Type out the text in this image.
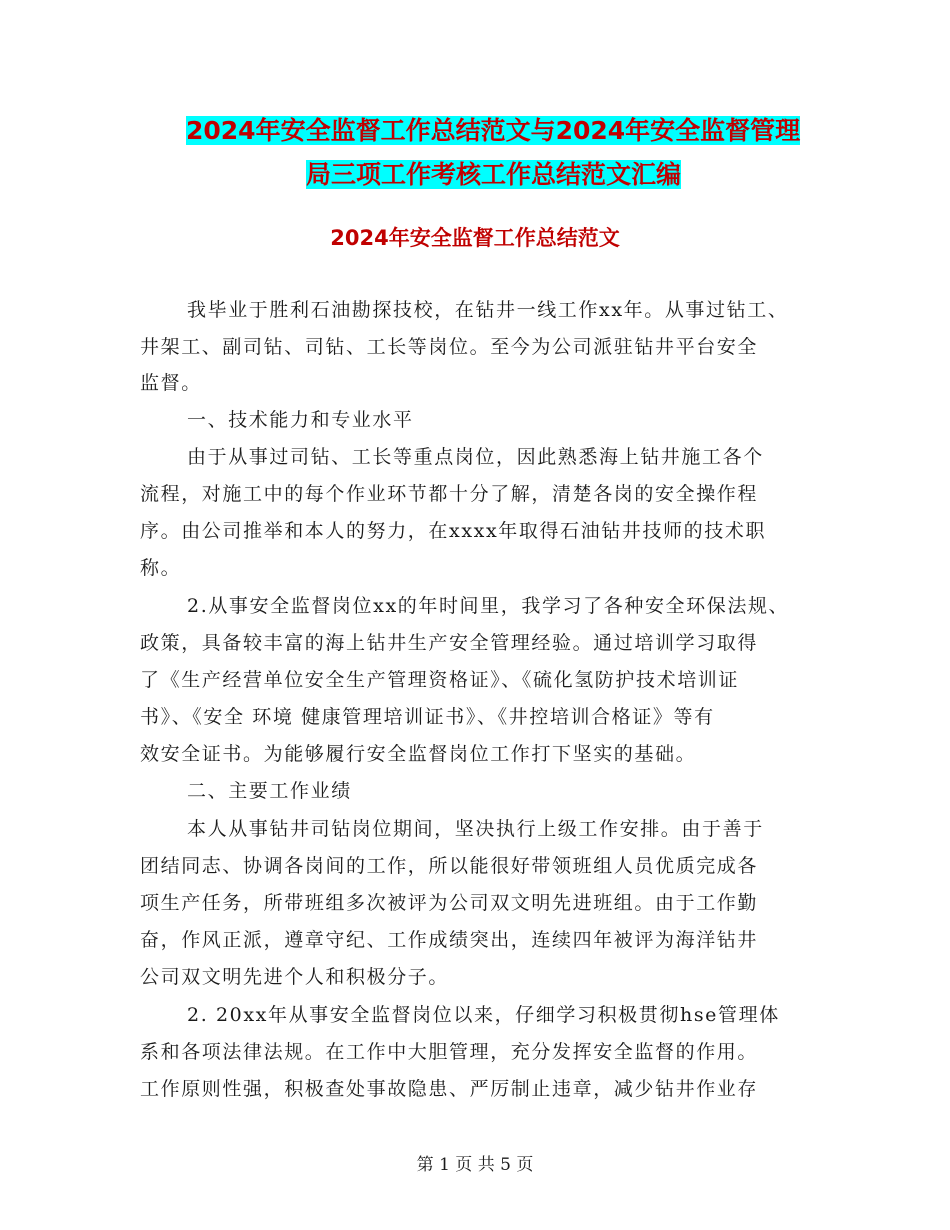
2024年安全监督工作总结范文与2024年安全监督管理
局三项工作考核工作总结范文汇编
2024年安全监督工作总结范文
我毕业于胜利石油勘探技校，在钻井一线工作xx年。从事过钻工、
井架工、副司钻、司钻、工长等岗位。至今为公司派驻钻井平台安全
监督。
一、技术能力和专业水平
由于从事过司钻、工长等重点岗位，因此熟悉海上钻井施工各个
流程，对施工中的每个作业环节都十分了解，清楚各岗的安全操作程
序。由公司推举和本人的努力，在xxxx年取得石油钻井技师的技术职
称。
2.从事安全监督岗位xx的年时间里，我学习了各种安全环保法规、
政策，具备较丰富的海上钻井生产安全管理经验。通过培训学习取得
了《生产经营单位安全生产管理资格证》、《硫化氢防护技术培训证
书》、《安全 环境 健康管理培训证书》、《井控培训合格证》等有
效安全证书。为能够履行安全监督岗位工作打下坚实的基础。
二、主要工作业绩
本人从事钻井司钻岗位期间，坚决执行上级工作安排。由于善于
团结同志、协调各岗间的工作，所以能很好带领班组人员优质完成各
项生产任务，所带班组多次被评为公司双文明先进班组。由于工作勤
奋，作风正派，遵章守纪、工作成绩突出，连续四年被评为海洋钻井
公司双文明先进个人和积极分子。
2. 20xx年从事安全监督岗位以来，仔细学习积极贯彻hse管理体
系和各项法律法规。在工作中大胆管理，充分发挥安全监督的作用。
工作原则性强，积极查处事故隐患、严厉制止违章，减少钻井作业存
第 1 页 共 5 页
